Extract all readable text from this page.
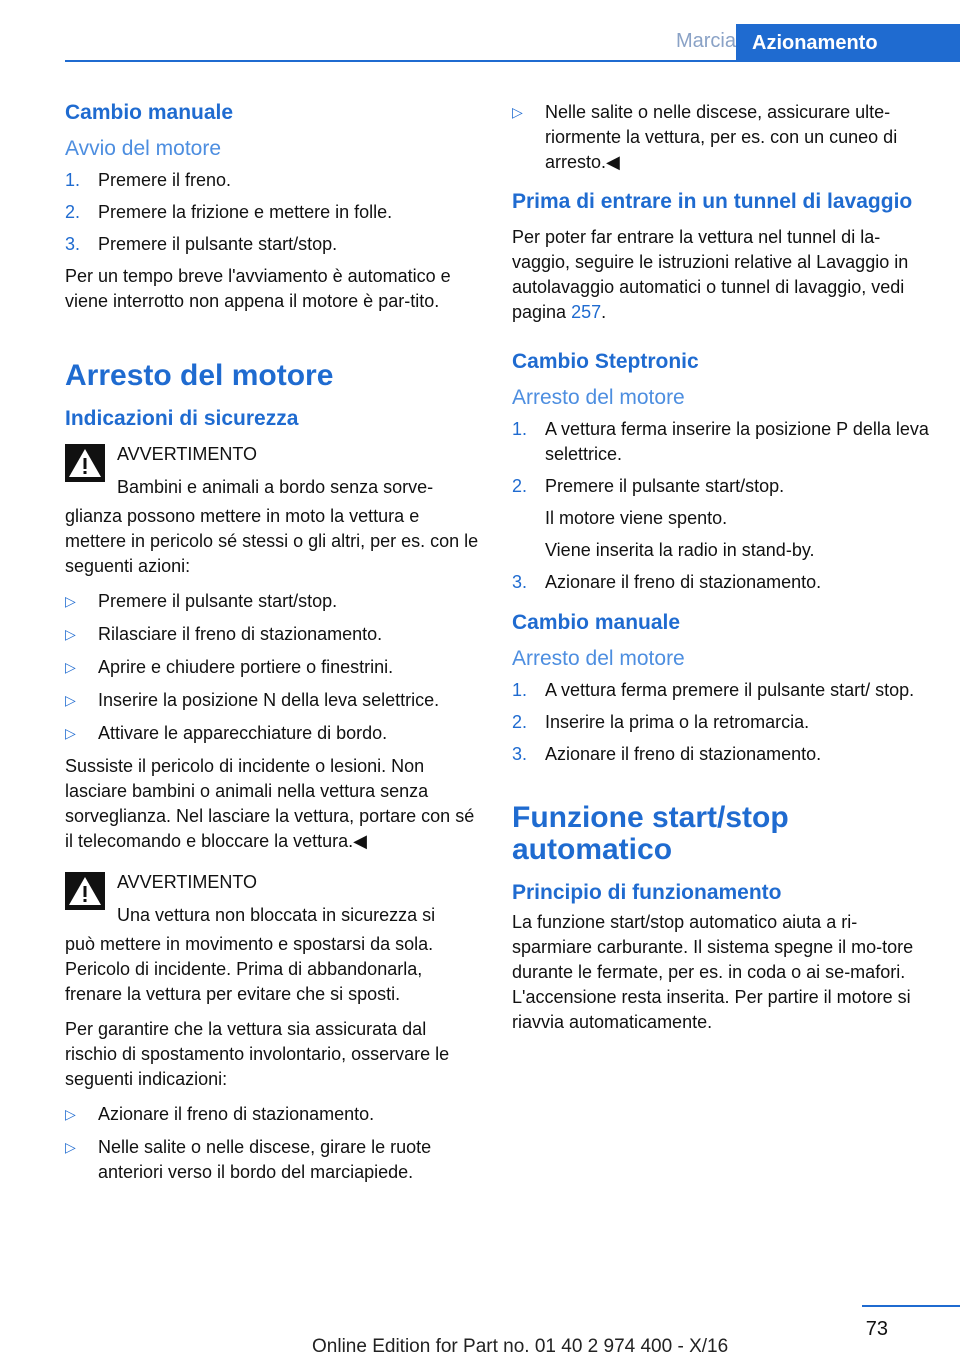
Marcia Azionamento
Cambio manuale
Avvio del motore
1. Premere il freno.
2. Premere la frizione e mettere in folle.
3. Premere il pulsante start/stop.

Per un tempo breve l'avviamento è automatico e viene interrotto non appena il motore è par-tito.

Arresto del motore
Indicazioni di sicurezza
AVVERTIMENTO
Bambini e animali a bordo senza sorve-

glianza possono mettere in moto la vettura e mettere in pericolo sé stessi o gli altri, per es. con le seguenti azioni:

▷ Premere il pulsante start/stop.
▷ Rilasciare il freno di stazionamento.
▷ Aprire e chiudere portiere o finestrini.
▷ Inserire la posizione N della leva selettrice.
▷ Attivare le apparecchiature di bordo.

Sussiste il pericolo di incidente o lesioni. Non lasciare bambini o animali nella vettura senza sorveglianza. Nel lasciare la vettura, portare con sé il telecomando e bloccare la vettura.◀

AVVERTIMENTO
Una vettura non bloccata in sicurezza si

può mettere in movimento e spostarsi da sola. Pericolo di incidente. Prima di abbandonarla, frenare la vettura per evitare che si sposti.

Per garantire che la vettura sia assicurata dal rischio di spostamento involontario, osservare le seguenti indicazioni:

▷ Azionare il freno di stazionamento.
▷ Nelle salite o nelle discese, girare le ruote anteriori verso il bordo del marciapiede.
▷ Nelle salite o nelle discese, assicurare ulte-riormente la vettura, per es. con un cuneo di arresto.◀
Prima di entrare in un tunnel di lavaggio

Per poter far entrare la vettura nel tunnel di la-vaggio, seguire le istruzioni relative al Lavaggio in autolavaggio automatici o tunnel di lavaggio, vedi pagina 257.

Cambio Steptronic
Arresto del motore
1. A vettura ferma inserire la posizione P della leva selettrice.
2. Premere il pulsante start/stop.
Il motore viene spento.
Viene inserita la radio in stand-by.
3. Azionare il freno di stazionamento.
Cambio manuale
Arresto del motore
1. A vettura ferma premere il pulsante start/ stop.
2. Inserire la prima o la retromarcia.
3. Azionare il freno di stazionamento.
Funzione start/stop automatico
Principio di funzionamento

La funzione start/stop automatico aiuta a ri-sparmiare carburante. Il sistema spegne il mo-tore durante le fermate, per es. in coda o ai se-mafori. L'accensione resta inserita. Per partire il motore si riavvia automaticamente.

73
Online Edition for Part no. 01 40 2 974 400 - X/16
